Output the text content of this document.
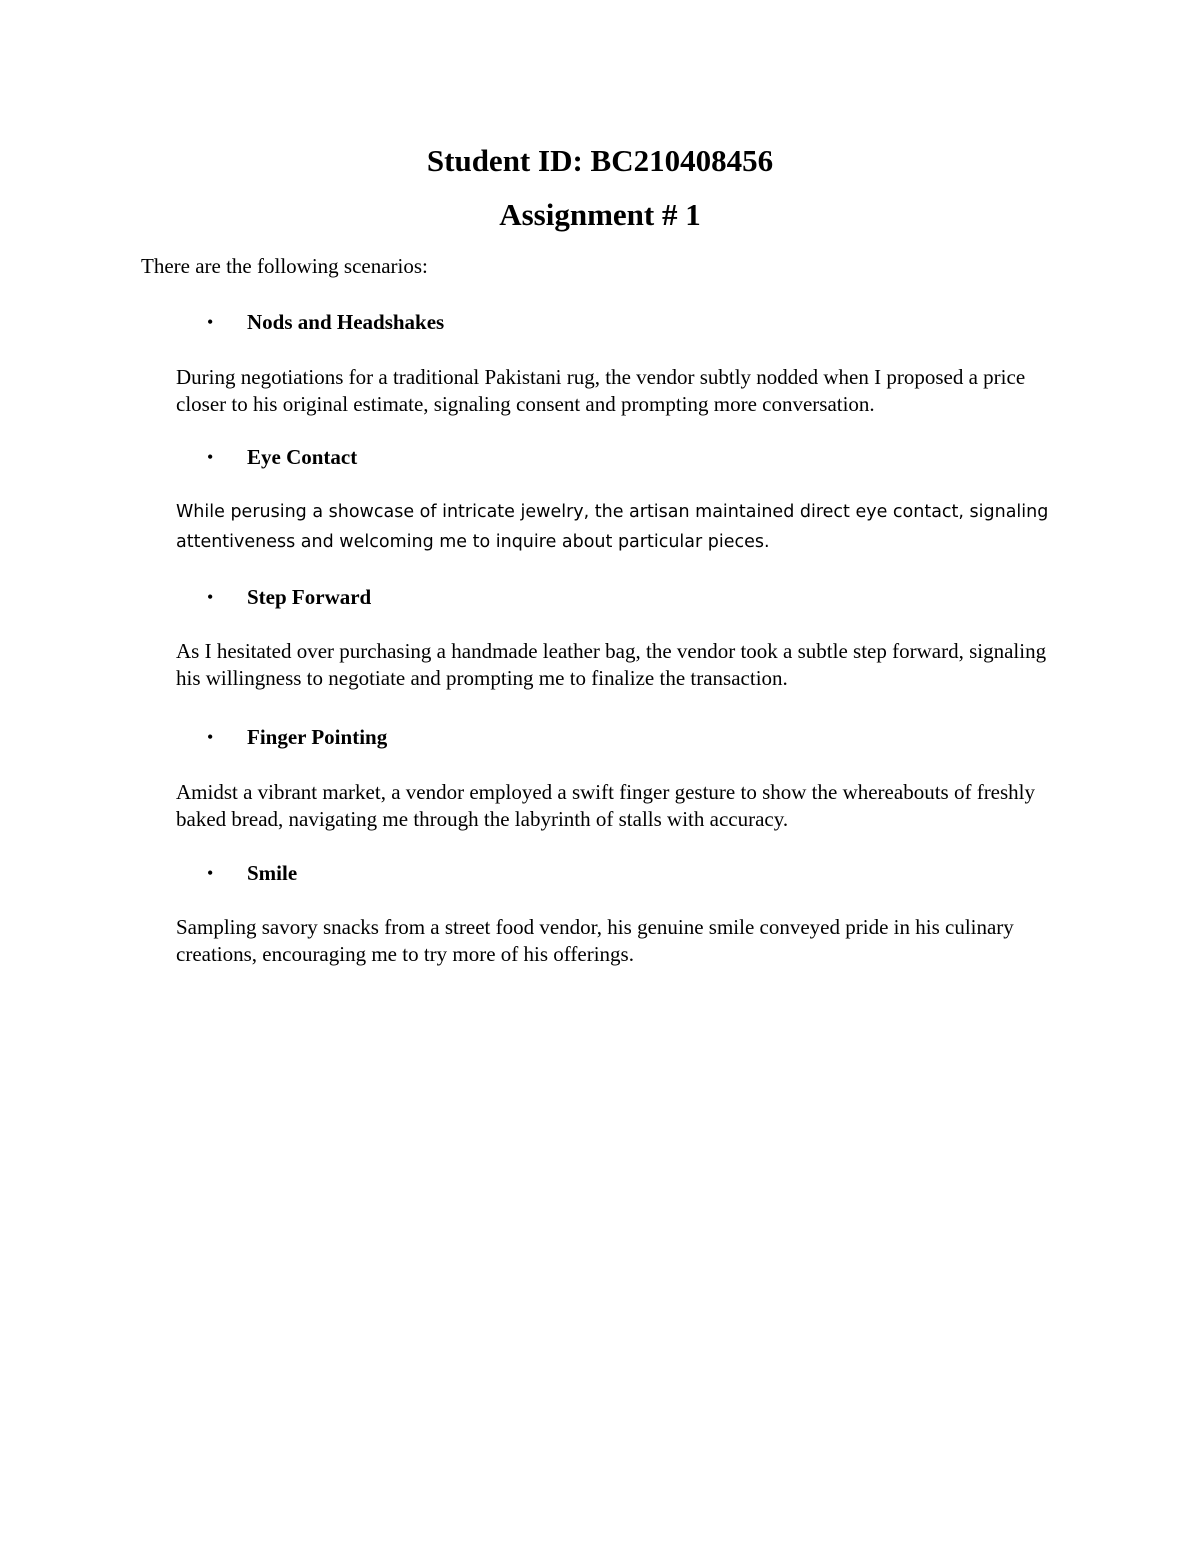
Student ID: BC210408456
Assignment # 1

There are the following scenarios:

•	Nods and Headshakes

During negotiations for a traditional Pakistani rug, the vendor subtly nodded when I proposed a price closer to his original estimate, signaling consent and prompting more conversation.

•	Eye Contact

While perusing a showcase of intricate jewelry, the artisan maintained direct eye contact, signaling attentiveness and welcoming me to inquire about particular pieces.

•	Step Forward

As I hesitated over purchasing a handmade leather bag, the vendor took a subtle step forward, signaling his willingness to negotiate and prompting me to finalize the transaction.

•	Finger Pointing

Amidst a vibrant market, a vendor employed a swift finger gesture to show the whereabouts of freshly baked bread, navigating me through the labyrinth of stalls with accuracy.

•	Smile

Sampling savory snacks from a street food vendor, his genuine smile conveyed pride in his culinary creations, encouraging me to try more of his offerings.
